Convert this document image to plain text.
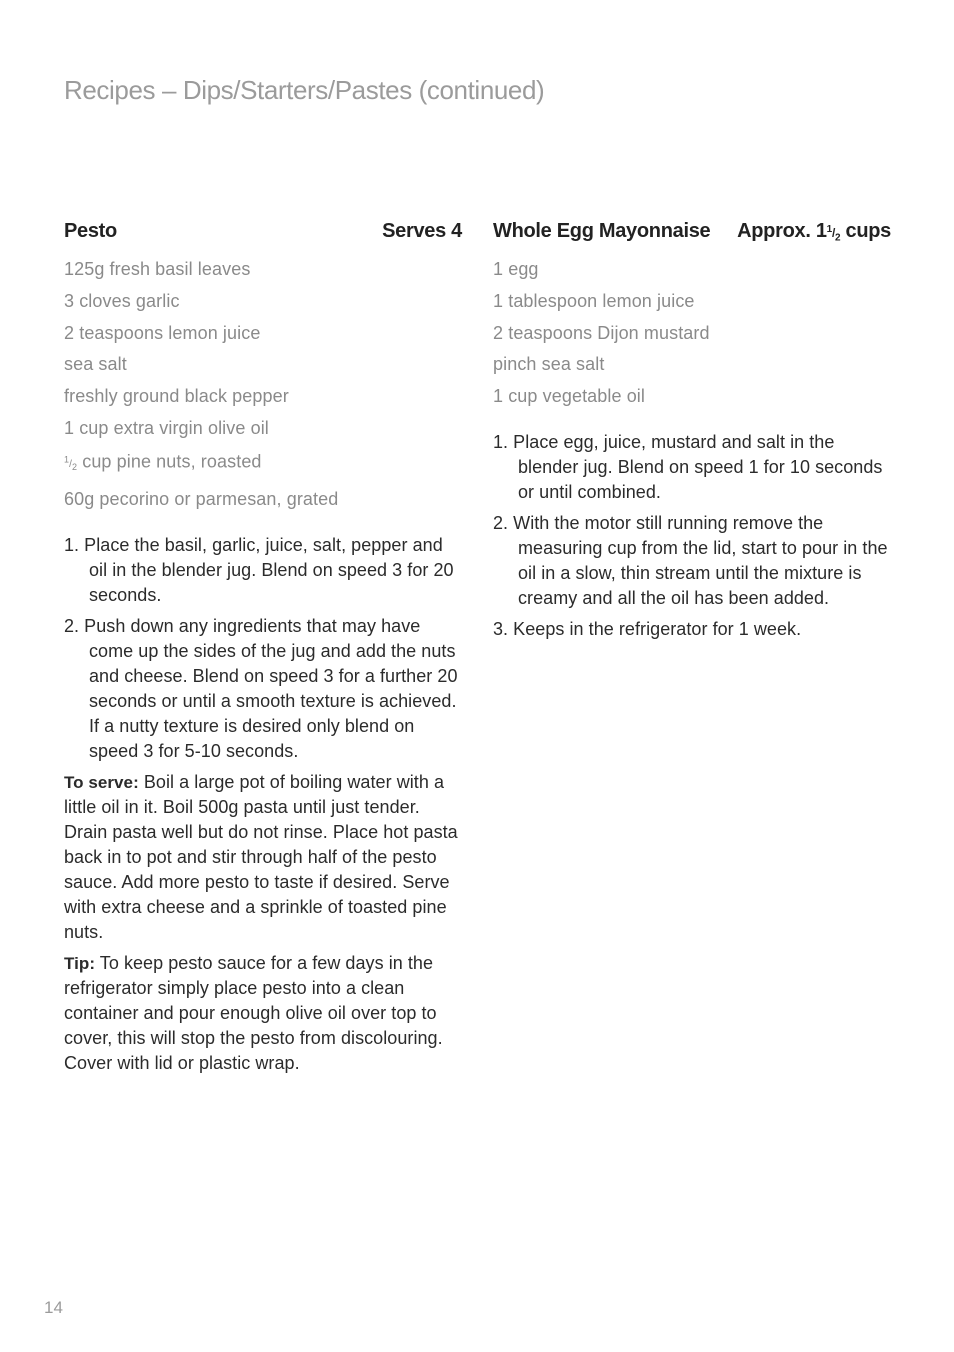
Recipes – Dips/Starters/Pastes (continued)
Pesto	Serves 4
125g fresh basil leaves
3 cloves garlic
2 teaspoons lemon juice
sea salt
freshly ground black pepper
1 cup extra virgin olive oil
$^1/_2$ cup pine nuts, roasted
60g pecorino or parmesan, grated
1. Place the basil, garlic, juice, salt, pepper and oil in the blender jug. Blend on speed 3 for 20 seconds.
2. Push down any ingredients that may have come up the sides of the jug and add the nuts and cheese. Blend on speed 3 for a further 20 seconds or until a smooth texture is achieved. If a nutty texture is desired only blend on speed 3 for 5-10 seconds.

To serve: Boil a large pot of boiling water with a little oil in it. Boil 500g pasta until just tender. Drain pasta well but do not rinse. Place hot pasta back in to pot and stir through half of the pesto sauce. Add more pesto to taste if desired. Serve with extra cheese and a sprinkle of toasted pine nuts.

Tip: To keep pesto sauce for a few days in the refrigerator simply place pesto into a clean container and pour enough olive oil over top to cover, this will stop the pesto from discolouring. Cover with lid or plastic wrap.

Whole Egg Mayonnaise Approx. $1^1/_2$ cups
1 egg
1 tablespoon lemon juice
2 teaspoons Dijon mustard
pinch sea salt
1 cup vegetable oil
1. Place egg, juice, mustard and salt in the blender jug. Blend on speed 1 for 10 seconds or until combined.
2. With the motor still running remove the measuring cup from the lid, start to pour in the oil in a slow, thin stream until the mixture is creamy and all the oil has been added.
3. Keeps in the refrigerator for 1 week.
14
